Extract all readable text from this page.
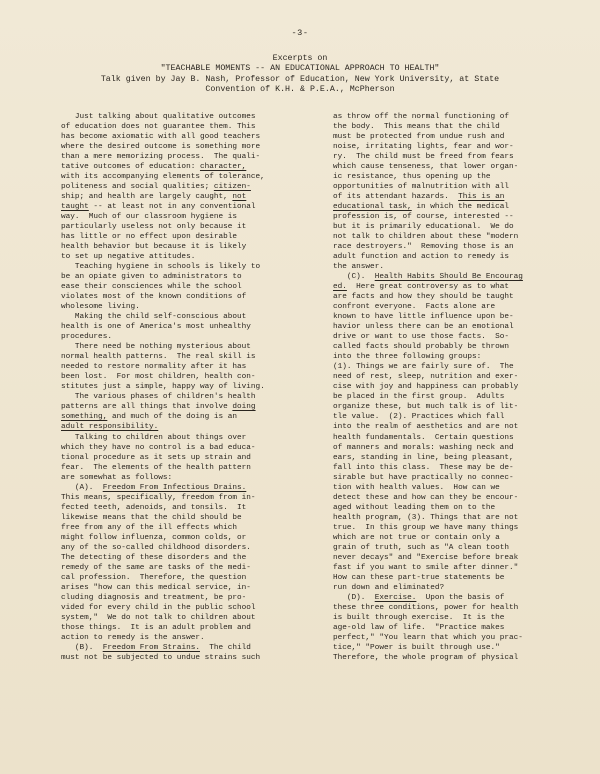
-3-
Excerpts on
"TEACHABLE MOMENTS -- AN EDUCATIONAL APPROACH TO HEALTH"
Talk given by Jay B. Nash, Professor of Education, New York University, at State
Convention of K.H. & P.E.A., McPherson
Just talking about qualitative outcomes
of education does not guarantee them. This
has become axiomatic with all good teachers
where the desired outcome is something more
than a mere memorizing process.  The quali-
tative outcomes of education: character,
with its accompanying elements of tolerance,
politeness and social qualities; citizen-
ship; and health are largely caught, not
taught -- at least not in any conventional
way.  Much of our classroom hygiene is
particularly useless not only because it
has little or no effect upon desirable
health behavior but because it is likely
to set up negative attitudes.
Teaching hygiene in schools is likely to
be an opiate given to administrators to
ease their consciences while the school
violates most of the known conditions of
wholesome living.
Making the child self-conscious about
health is one of America's most unhealthy
procedures.
There need be nothing mysterious about
normal health patterns.  The real skill is
needed to restore normality after it has
been lost.  For most children, health con-
stitutes just a simple, happy way of living.
The various phases of children's health
patterns are all things that involve doing
something, and much of the doing is an
adult responsibility.
Talking to children about things over
which they have no control is a bad educa-
tional procedure as it sets up strain and
fear.  The elements of the health pattern
are somewhat as follows:
(A).  Freedom From Infectious Drains.
This means, specifically, freedom from in-
fected teeth, adenoids, and tonsils.  It
likewise means that the child should be
free from any of the ill effects which
might follow influenza, common colds, or
any of the so-called childhood disorders.
The detecting of these disorders and the
remedy of the same are tasks of the medi-
cal profession.  Therefore, the question
arises "how can this medical service, in-
cluding diagnosis and treatment, be pro-
vided for every child in the public school
system,"  We do not talk to children about
those things.  It is an adult problem and
action to remedy is the answer.
(B).  Freedom From Strains.  The child
must not be subjected to undue strains such
as throw off the normal functioning of
the body.  This means that the child
must be protected from undue rush and
noise, irritating lights, fear and wor-
ry.  The child must be freed from fears
which cause tenseness, that lower organ-
ic resistance, thus opening up the
opportunities of malnutrition with all
of its attendant hazards.  This is an
educational task, in which the medical
profession is, of course, interested --
but it is primarily educational.  We do
not talk to children about these "modern
race destroyers."  Removing those is an
adult function and action to remedy is
the answer.
(C).  Health Habits Should Be Encourag
ed.  Here great controversy as to what
are facts and how they should be taught
confront everyone.  Facts alone are
known to have little influence upon be-
havior unless there can be an emotional
drive or want to use those facts.  So-
called facts should probably be thrown
into the three following groups:
(1). Things we are fairly sure of.  The
need of rest, sleep, nutrition and exer-
cise with joy and happiness can probably
be placed in the first group.  Adults
organize these, but much talk is of lit-
tle value.  (2). Practices which fall
into the realm of aesthetics and are not
health fundamentals.  Certain questions
of manners and morals: washing neck and
ears, standing in line, being pleasant,
fall into this class.  These may be de-
sirable but have practically no connec-
tion with health values.  How can we
detect these and how can they be encour-
aged without leading them on to the
health program, (3). Things that are not
true.  In this group we have many things
which are not true or contain only a
grain of truth, such as "A clean tooth
never decays" and "Exercise before break
fast if you want to smile after dinner."
How can these part-true statements be
run down and eliminated?
(D).  Exercise.  Upon the basis of
these three conditions, power for health
is built through exercise.  It is the
age-old law of life.  "Practice makes
perfect," "You learn that which you prac-
tice," "Power is built through use."
Therefore, the whole program of physical
